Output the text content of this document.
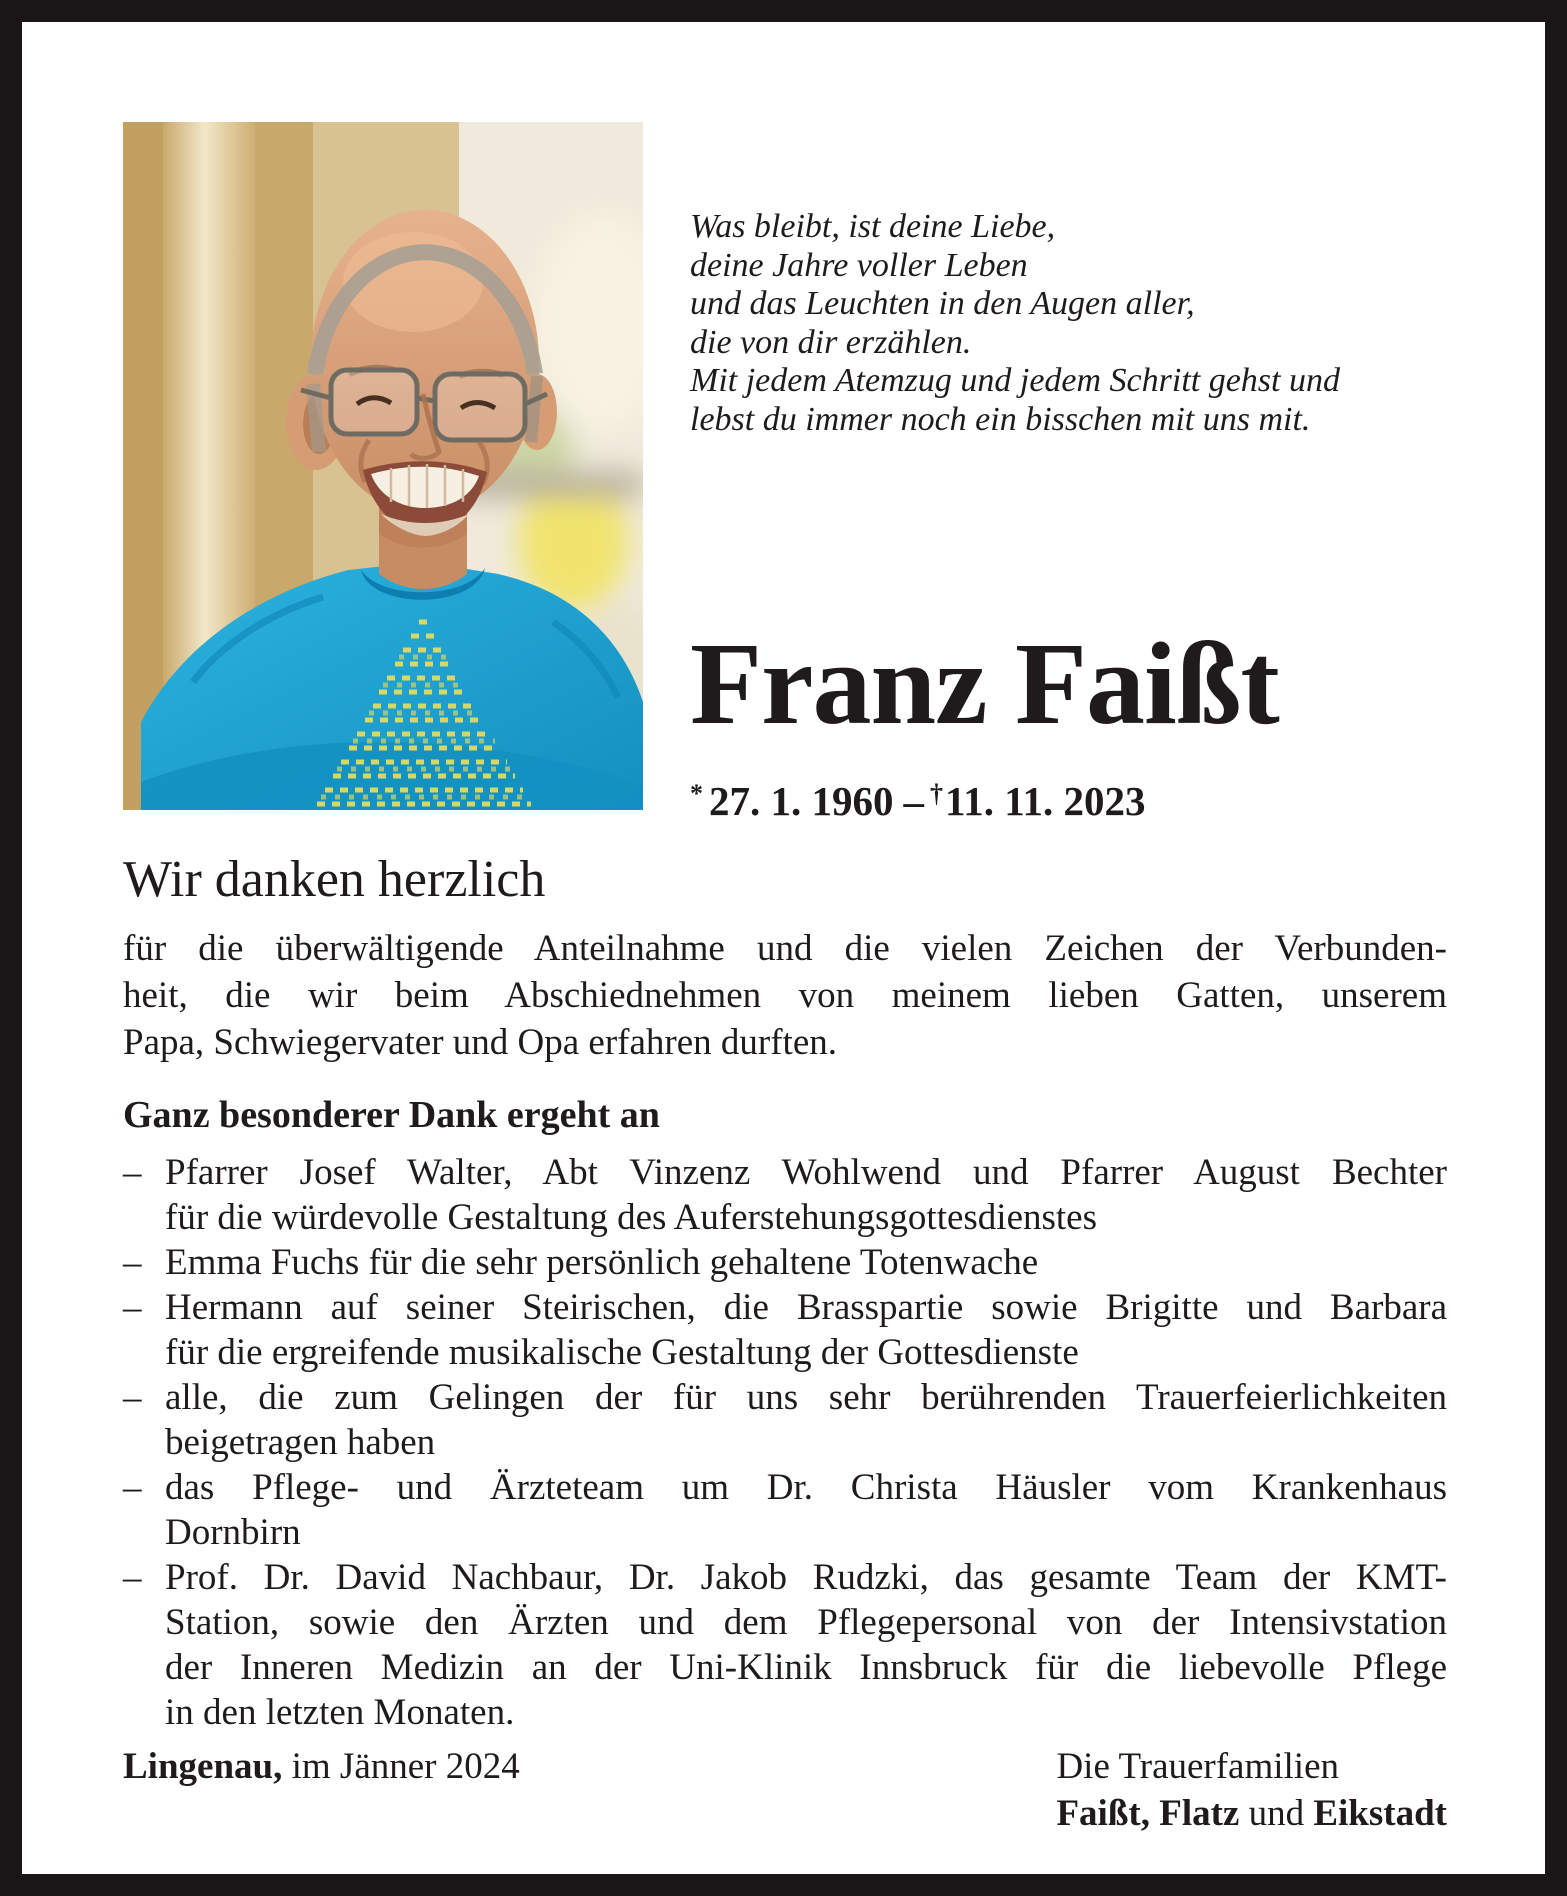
Was bleibt, ist deine Liebe,
deine Jahre voller Leben
und das Leuchten in den Augen aller,
die von dir erzählen.
Mit jedem Atemzug und jedem Schritt gehst und
lebst du immer noch ein bisschen mit uns mit.
Franz Faißt
* 27. 1. 1960 – †11. 11. 2023
Wir danken herzlich
für die überwältigende Anteilnahme und die vielen Zeichen der Verbunden-
heit, die wir beim Abschiednehmen von meinem lieben Gatten, unserem
Papa, Schwiegervater und Opa erfahren durften.
Ganz besonderer Dank ergeht an
– Pfarrer Josef Walter, Abt Vinzenz Wohlwend und Pfarrer August Bechter
für die würdevolle Gestaltung des Auferstehungsgottesdienstes
– Emma Fuchs für die sehr persönlich gehaltene Totenwache
– Hermann auf seiner Steirischen, die Brasspartie sowie Brigitte und Barbara
für die ergreifende musikalische Gestaltung der Gottesdienste
– alle, die zum Gelingen der für uns sehr berührenden Trauerfeierlichkeiten
beigetragen haben
– das Pflege- und Ärzteteam um Dr. Christa Häusler vom Krankenhaus
Dornbirn
– Prof. Dr. David Nachbaur, Dr. Jakob Rudzki, das gesamte Team der KMT-
Station, sowie den Ärzten und dem Pflegepersonal von der Intensivstation
der Inneren Medizin an der Uni-Klinik Innsbruck für die liebevolle Pflege
in den letzten Monaten.
Lingenau, im Jänner 2024	Die Trauerfamilien
Faißt, Flatz und Eikstadt
